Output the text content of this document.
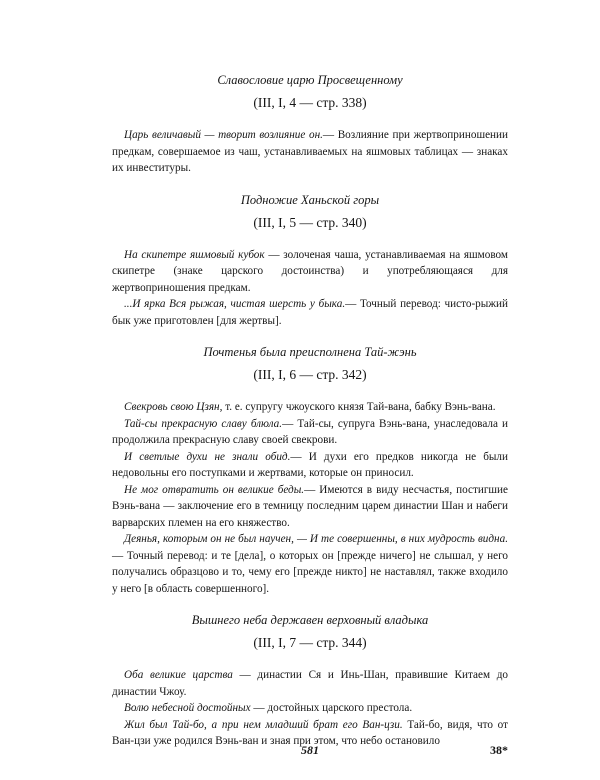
Славословие царю Просвещенному

(III, I, 4 — стр. 338)

Царь величавый — творит возлияние он.— Возлияние при жертвоприношении предкам, совершаемое из чаш, устанавливаемых на яшмовых таблицах — знаках их инвеституры.

Подножие Ханьской горы

(III, I, 5 — стр. 340)

На скипетре яшмовый кубок — золоченая чаша, устанавливаемая на яшмовом скипетре (знаке царского достоинства) и употребляющаяся для жертвоприношения предкам.

...И ярка Вся рыжая, чистая шерсть у быка.— Точный перевод: чисто-рыжий бык уже приготовлен [для жертвы].

Почтенья была преисполнена Тай-жэнь

(III, I, 6 — стр. 342)

Свекровь свою Цзян, т. е. супругу чжоуского князя Тай-вана, бабку Вэнь-вана.

Тай-сы прекрасную славу блюла.— Тай-сы, супруга Вэнь-вана, унаследовала и продолжила прекрасную славу своей свекрови.

И светлые духи не знали обид.— И духи его предков никогда не были недовольны его поступками и жертвами, которые он приносил.

Не мог отвратить он великие беды.— Имеются в виду несчастья, постигшие Вэнь-вана — заключение его в темницу последним царем династии Шан и набеги варварских племен на его княжество.

Деянья, которым он не был научен, — И те совершенны, в них мудрость видна.— Точный перевод: и те [дела], о которых он [прежде ничего] не слышал, у него получались образцово и то, чему его [прежде никто] не наставлял, также входило у него [в область совершенного].

Вышнего неба державен верховный владыка

(III, I, 7 — стр. 344)

Оба великие царства — династии Ся и Инь-Шан, правившие Китаем до династии Чжоу.

Волю небесной достойных — достойных царского престола.

Жил был Тай-бо, а при нем младший брат его Ван-цзи. Тай-бо, видя, что от Ван-цзи уже родился Вэнь-ван и зная при этом, что небо остановило

581	38*
